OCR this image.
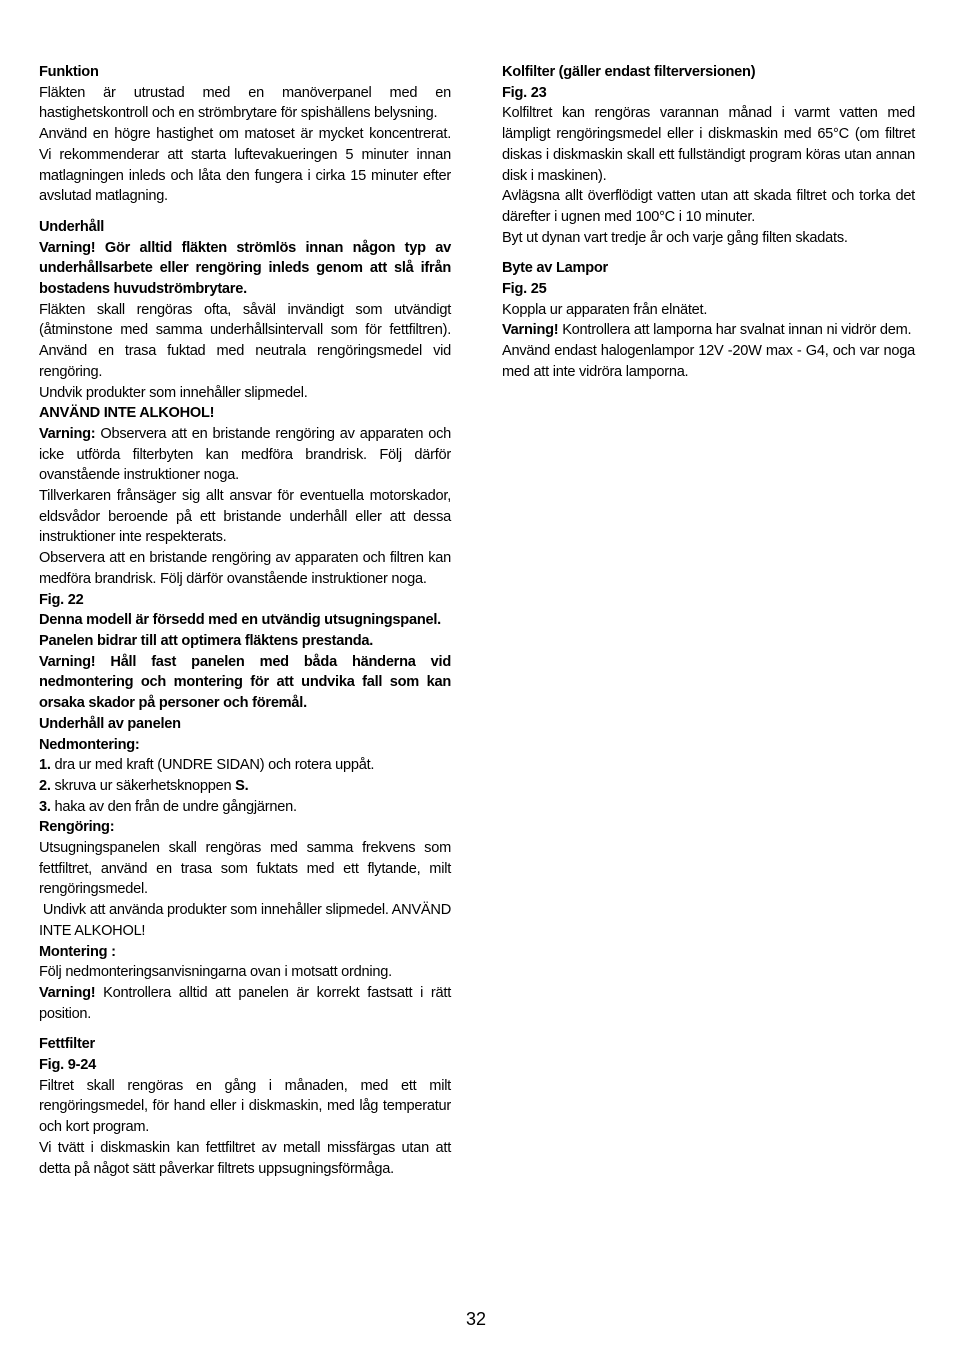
Funktion

Fläkten är utrustad med en manöverpanel med en hastighetskontroll och en strömbrytare för spishällens belysning.

Använd en högre hastighet om matoset är mycket koncentrerat. Vi rekommenderar att starta luftevakueringen 5 minuter innan matlagningen inleds och låta den fungera i cirka 15 minuter efter avslutad matlagning.

Underhåll

Varning! Gör alltid fläkten strömlös innan någon typ av underhållsarbete eller rengöring inleds genom att slå ifrån bostadens huvudströmbrytare.

Fläkten skall rengöras ofta, såväl invändigt som utvändigt (åtminstone med samma underhållsintervall som för fettfiltren). Använd en trasa fuktad med neutrala rengöringsmedel vid rengöring.

Undvik produkter som innehåller slipmedel.

ANVÄND INTE ALKOHOL!

Varning: Observera att en bristande rengöring av apparaten och icke utförda filterbyten kan medföra brandrisk. Följ därför ovanstående instruktioner noga.

Tillverkaren frånsäger sig allt ansvar för eventuella motorskador, eldsvådor beroende på ett bristande underhåll eller att dessa instruktioner inte respekterats.

Observera att en bristande rengöring av apparaten och filtren kan medföra brandrisk. Följ därför ovanstående instruktioner noga.

Fig. 22

Denna modell är försedd med en utvändig utsugningspanel.

Panelen bidrar till att optimera fläktens prestanda.

Varning! Håll fast panelen med båda händerna vid nedmontering och montering för att undvika fall som kan orsaka skador på personer och föremål.

Underhåll av panelen

Nedmontering:

1. dra ur med kraft (UNDRE SIDAN) och rotera uppåt.

2. skruva ur säkerhetsknoppen S.

3. haka av den från de undre gångjärnen.

Rengöring:

Utsugningspanelen skall rengöras med samma frekvens som fettfiltret, använd en trasa som fuktats med ett flytande, milt rengöringsmedel.

Undivk att använda produkter som innehåller slipmedel. ANVÄND INTE ALKOHOL!

Montering :

Följ nedmonteringsanvisningarna ovan i motsatt ordning.

Varning! Kontrollera alltid att panelen är korrekt fastsatt i rätt position.

Fettfilter

Fig. 9-24

Filtret skall rengöras en gång i månaden, med ett milt rengöringsmedel, för hand eller i diskmaskin, med låg temperatur och kort program.

Vi tvätt i diskmaskin kan fettfiltret av metall missfärgas utan att detta på något sätt påverkar filtrets uppsugningsförmåga.

Kolfilter (gäller endast filterversionen)

Fig. 23

Kolfiltret kan rengöras varannan månad i varmt vatten med lämpligt rengöringsmedel eller i diskmaskin med 65°C (om filtret diskas i diskmaskin skall ett fullständigt program köras utan annan disk i maskinen).

Avlägsna allt överflödigt vatten utan att skada filtret och torka det därefter i ugnen med 100°C i 10 minuter.

Byt ut dynan vart tredje år och varje gång filten skadats.

Byte av Lampor

Fig. 25

Koppla ur apparaten från elnätet.

Varning! Kontrollera att lamporna har svalnat innan ni vidrör dem.

Använd endast halogenlampor 12V -20W max - G4, och var noga med att inte vidröra lamporna.

32
